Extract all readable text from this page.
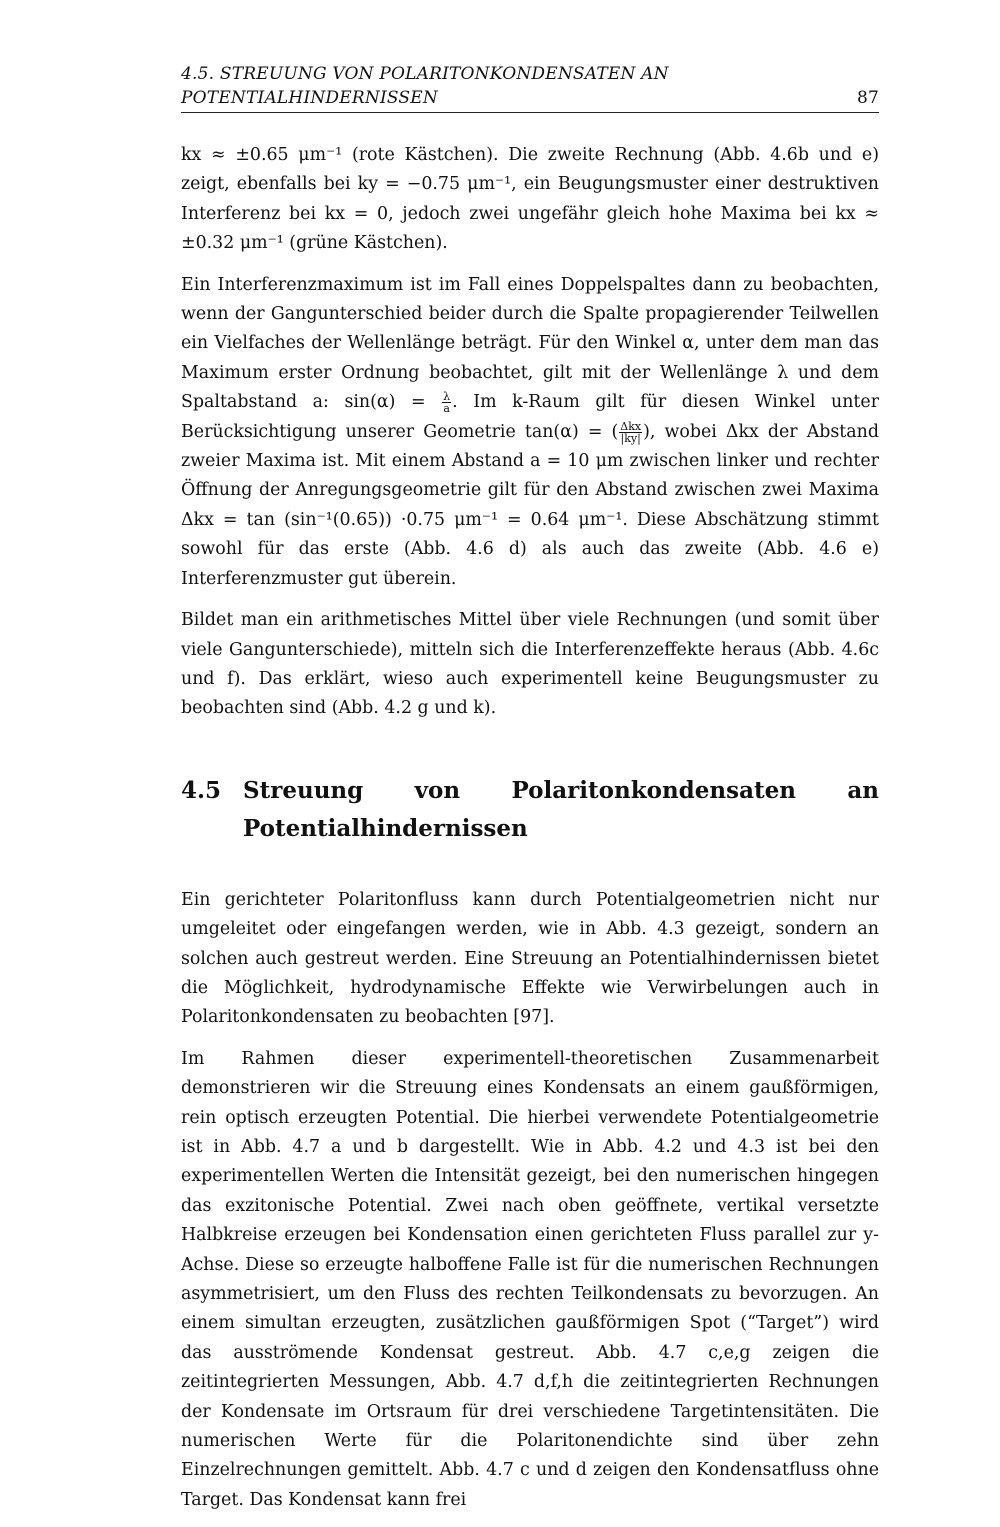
4.5. STREUUNG VON POLARITONKONDENSATEN AN
POTENTIALHINDERNISSEN	87

kx ≈ ±0.65 μm⁻¹ (rote Kästchen). Die zweite Rechnung (Abb. 4.6b und e) zeigt, ebenfalls bei ky = −0.75 μm⁻¹, ein Beugungsmuster einer destruktiven Interferenz bei kx = 0, jedoch zwei ungefähr gleich hohe Maxima bei kx ≈ ±0.32 μm⁻¹ (grüne Kästchen).

Ein Interferenzmaximum ist im Fall eines Doppelspaltes dann zu beobachten, wenn der Gangunterschied beider durch die Spalte propagierender Teilwellen ein Vielfaches der Wellenlänge beträgt. Für den Winkel α, unter dem man das Maximum erster Ordnung beobachtet, gilt mit der Wellenlänge λ und dem Spaltabstand a: $\sin(\alpha) = \frac{\lambda}{a}$ . Im k-Raum gilt für diesen Winkel unter Berücksichtigung unserer Geometrie tan(α) = ( $\frac{\text{Δkx}}{|ky|}$ ), wobei Δkx der Abstand zweier Maxima ist. Mit einem Abstand a = 10 μm zwischen linker und rechter Öffnung der Anregungsgeometrie gilt für den Abstand zwischen zwei Maxima Δkx = tan (sin⁻¹(0.65)) ·0.75 μm⁻¹ = 0.64 μm⁻¹. Diese Abschätzung stimmt sowohl für das erste (Abb. 4.6 d) als auch das zweite (Abb. 4.6 e) Interferenzmuster gut überein.

Bildet man ein arithmetisches Mittel über viele Rechnungen (und somit über viele Gangunterschiede), mitteln sich die Interferenzeffekte heraus (Abb. 4.6c und f). Das erklärt, wieso auch experimentell keine Beugungsmuster zu beobachten sind (Abb. 4.2 g und k).

4.5 Streuung von Polaritonkondensaten an Potentialhindernissen

Ein gerichteter Polaritonfluss kann durch Potentialgeometrien nicht nur umgeleitet oder eingefangen werden, wie in Abb. 4.3 gezeigt, sondern an solchen auch gestreut werden. Eine Streuung an Potentialhindernissen bietet die Möglichkeit, hydrodynamische Effekte wie Verwirbelungen auch in Polaritonkondensaten zu beobachten [97].

Im Rahmen dieser experimentell-theoretischen Zusammenarbeit demonstrieren wir die Streuung eines Kondensats an einem gaußförmigen, rein optisch erzeugten Potential. Die hierbei verwendete Potentialgeometrie ist in Abb. 4.7 a und b dargestellt. Wie in Abb. 4.2 und 4.3 ist bei den experimentellen Werten die Intensität gezeigt, bei den numerischen hingegen das exzitonische Potential. Zwei nach oben geöffnete, vertikal versetzte Halbkreise erzeugen bei Kondensation einen gerichteten Fluss parallel zur y-Achse. Diese so erzeugte halboffene Falle ist für die numerischen Rechnungen asymmetrisiert, um den Fluss des rechten Teilkondensats zu bevorzugen. An einem simultan erzeugten, zusätzlichen gaußförmigen Spot (“Target”) wird das ausströmende Kondensat gestreut. Abb. 4.7 c,e,g zeigen die zeitintegrierten Messungen, Abb. 4.7 d,f,h die zeitintegrierten Rechnungen der Kondensate im Ortsraum für drei verschiedene Targetintensitäten. Die numerischen Werte für die Polaritonendichte sind über zehn Einzelrechnungen gemittelt. Abb. 4.7 c und d zeigen den Kondensatfluss ohne Target. Das Kondensat kann frei
